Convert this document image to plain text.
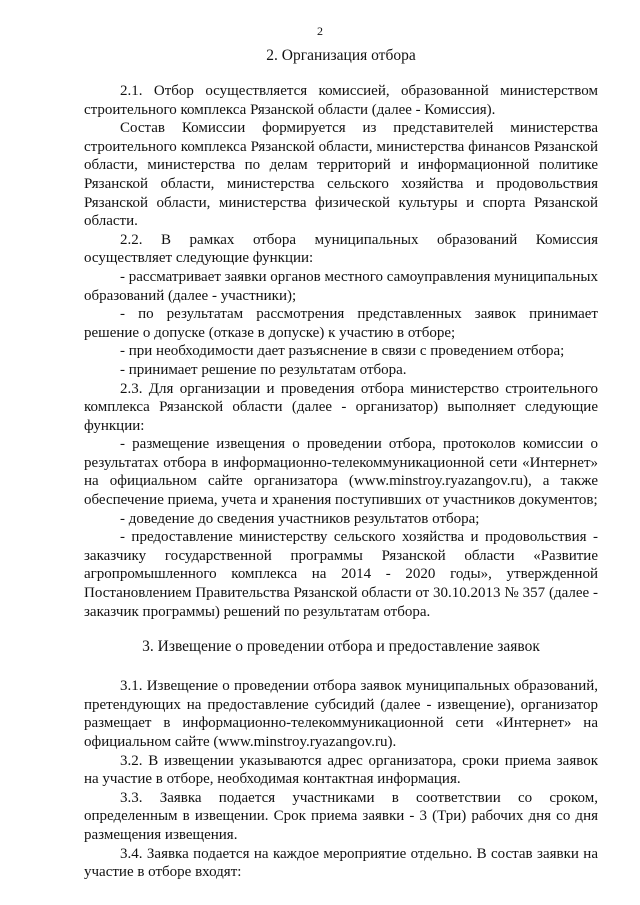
2
2. Организация отбора

2.1. Отбор осуществляется комиссией, образованной министерством строительного комплекса Рязанской области (далее - Комиссия).

Состав Комиссии формируется из представителей министерства строительного комплекса Рязанской области, министерства финансов Рязанской области, министерства по делам территорий и информационной политике Рязанской области, министерства сельского хозяйства и продовольствия Рязанской области, министерства физической культуры и спорта Рязанской области.

2.2. В рамках отбора муниципальных образований Комиссия осуществляет следующие функции:

- рассматривает заявки органов местного самоуправления муниципальных образований (далее - участники);

- по результатам рассмотрения представленных заявок принимает решение о допуске (отказе в допуске) к участию в отборе;

- при необходимости дает разъяснение в связи с проведением отбора;

- принимает решение по результатам отбора.

2.3. Для организации и проведения отбора министерство строительного комплекса Рязанской области (далее - организатор) выполняет следующие функции:

- размещение извещения о проведении отбора, протоколов комиссии о результатах отбора в информационно-телекоммуникационной сети «Интернет» на официальном сайте организатора (www.minstroy.ryazangov.ru), а также обеспечение приема, учета и хранения поступивших от участников документов;

- доведение до сведения участников результатов отбора;

- предоставление министерству сельского хозяйства и продовольствия - заказчику государственной программы Рязанской области «Развитие агропромышленного комплекса на 2014 - 2020 годы», утвержденной Постановлением Правительства Рязанской области от 30.10.2013 № 357 (далее - заказчик программы) решений по результатам отбора.

3. Извещение о проведении отбора и предоставление заявок

3.1. Извещение о проведении отбора заявок муниципальных образований, претендующих на предоставление субсидий (далее - извещение), организатор размещает в информационно-телекоммуникационной сети «Интернет» на официальном сайте (www.minstroy.ryazangov.ru).

3.2. В извещении указываются адрес организатора, сроки приема заявок на участие в отборе, необходимая контактная информация.

3.3. Заявка подается участниками в соответствии со сроком, определенным в извещении. Срок приема заявки - 3 (Три) рабочих дня со дня размещения извещения.

3.4. Заявка подается на каждое мероприятие отдельно. В состав заявки на участие в отборе входят:
